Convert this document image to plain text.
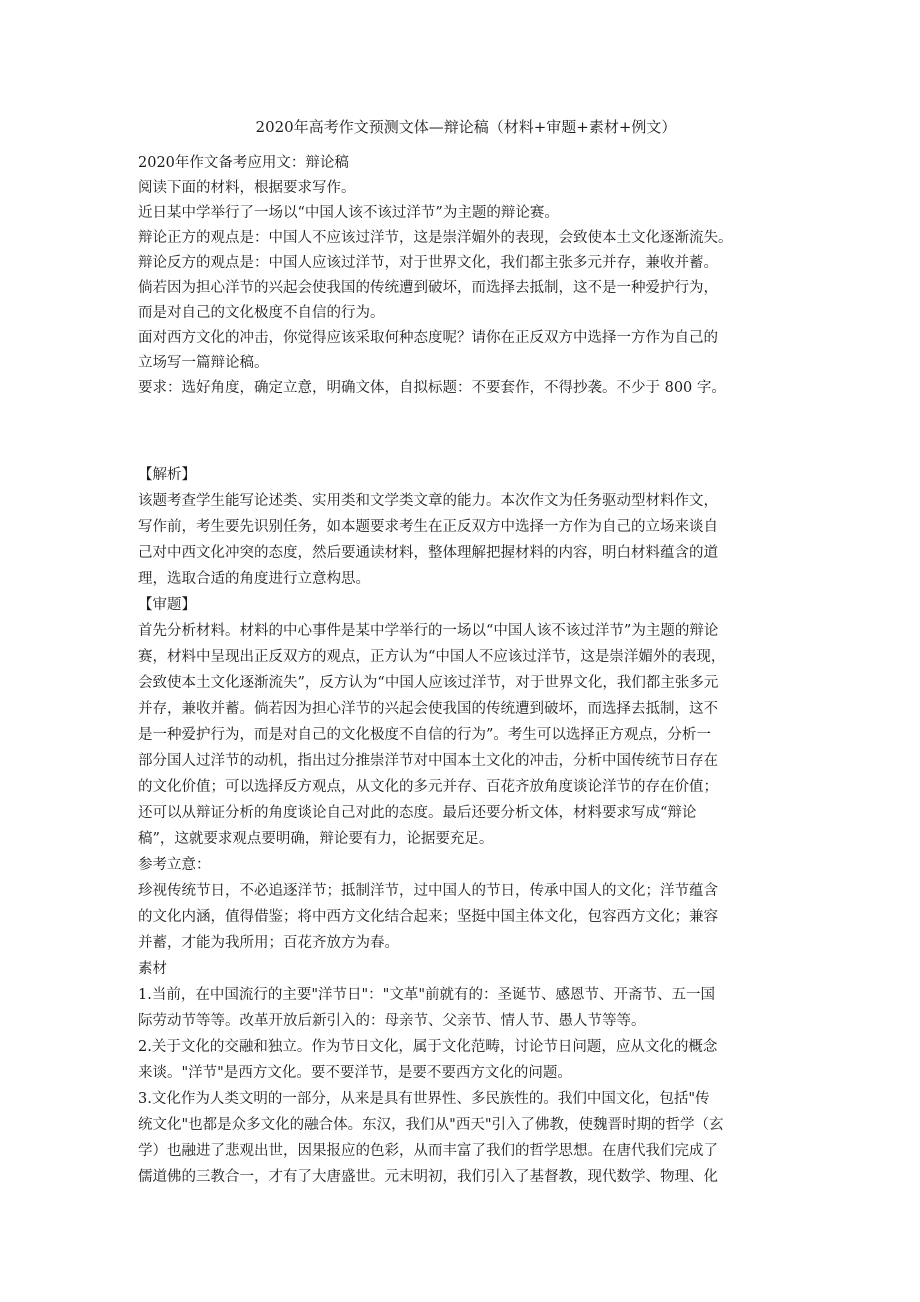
2020年高考作文预测文体—辩论稿（材料+审题+素材+例文）
2020年作文备考应用文：辩论稿
阅读下面的材料，根据要求写作。
近日某中学举行了一场以“中国人该不该过洋节”为主题的辩论赛。
辩论正方的观点是：中国人不应该过洋节，这是崇洋媚外的表现，会致使本土文化逐渐流失。
辩论反方的观点是：中国人应该过洋节，对于世界文化，我们都主张多元并存，兼收并蓄。
倘若因为担心洋节的兴起会使我国的传统遭到破坏，而选择去抵制，这不是一种爱护行为，
而是对自己的文化极度不自信的行为。
面对西方文化的冲击，你觉得应该采取何种态度呢？请你在正反双方中选择一方作为自己的
立场写一篇辩论稿。
要求：选好角度，确定立意，明确文体，自拟标题：不要套作，不得抄袭。不少于 800 字。
【解析】
该题考查学生能写论述类、实用类和文学类文章的能力。本次作文为任务驱动型材料作文，
写作前，考生要先识别任务，如本题要求考生在正反双方中选择一方作为自己的立场来谈自
己对中西文化冲突的态度，然后要通读材料，整体理解把握材料的内容，明白材料蕴含的道
理，选取合适的角度进行立意构思。
【审题】
首先分析材料。材料的中心事件是某中学举行的一场以“中国人该不该过洋节”为主题的辩论
赛，材料中呈现出正反双方的观点，正方认为“中国人不应该过洋节，这是崇洋媚外的表现，
会致使本土文化逐渐流失”，反方认为“中国人应该过洋节，对于世界文化，我们都主张多元
并存，兼收并蓄。倘若因为担心洋节的兴起会使我国的传统遭到破坏，而选择去抵制，这不
是一种爱护行为，而是对自己的文化极度不自信的行为”。考生可以选择正方观点，分析一
部分国人过洋节的动机，指出过分推崇洋节对中国本土文化的冲击，分析中国传统节日存在
的文化价值；可以选择反方观点，从文化的多元并存、百花齐放角度谈论洋节的存在价值；
还可以从辩证分析的角度谈论自己对此的态度。最后还要分析文体，材料要求写成“辩论
稿”，这就要求观点要明确，辩论要有力，论据要充足。
参考立意：
珍视传统节日，不必追逐洋节；抵制洋节，过中国人的节日，传承中国人的文化；洋节蕴含
的文化内涵，值得借鉴；将中西方文化结合起来；坚挺中国主体文化，包容西方文化；兼容
并蓄，才能为我所用；百花齐放方为春。
素材
1.当前，在中国流行的主要"洋节日"："文革"前就有的：圣诞节、感恩节、开斋节、五一国
际劳动节等等。改革开放后新引入的：母亲节、父亲节、情人节、愚人节等等。
2.关于文化的交融和独立。作为节日文化，属于文化范畴，讨论节日问题，应从文化的概念
来谈。"洋节"是西方文化。要不要洋节，是要不要西方文化的问题。
3.文化作为人类文明的一部分，从来是具有世界性、多民族性的。我们中国文化，包括"传
统文化"也都是众多文化的融合体。东汉，我们从"西天"引入了佛教，使魏晋时期的哲学（玄
学）也融进了悲观出世，因果报应的色彩，从而丰富了我们的哲学思想。在唐代我们完成了
儒道佛的三教合一，才有了大唐盛世。元末明初，我们引入了基督教，现代数学、物理、化
